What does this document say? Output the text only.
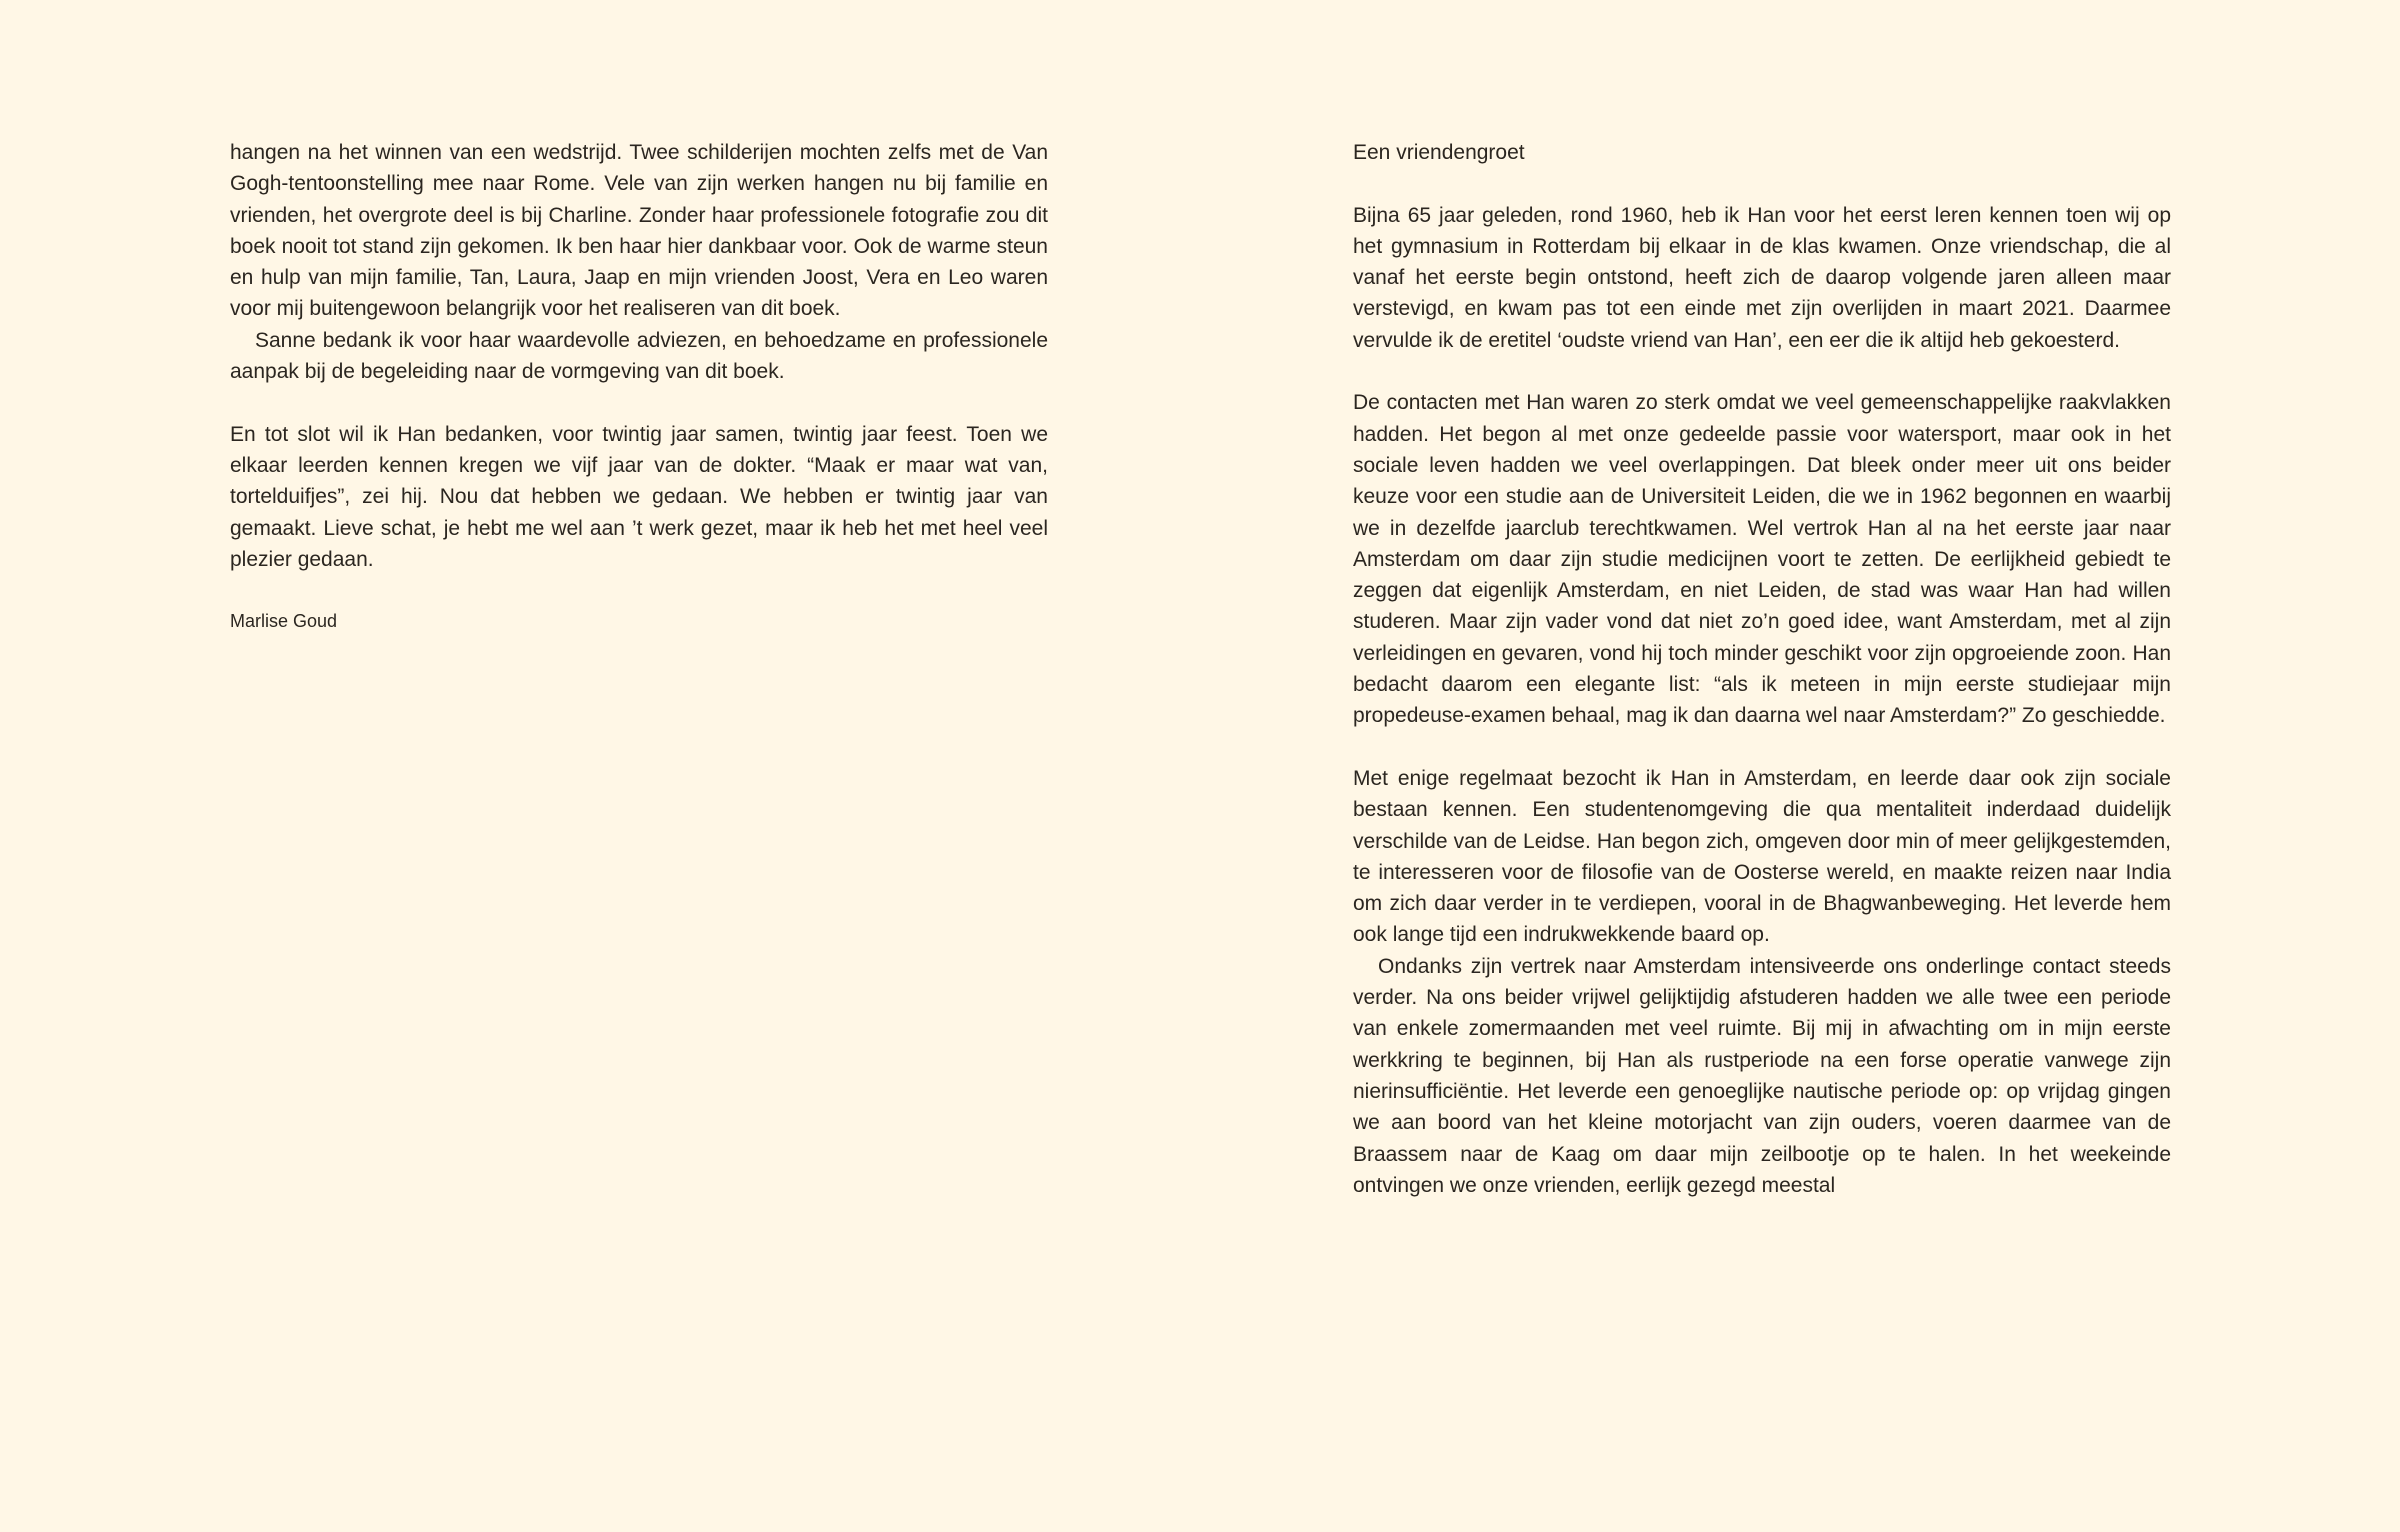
hangen na het winnen van een wedstrijd. Twee schilderijen mochten zelfs met de Van Gogh-tentoonstelling mee naar Rome. Vele van zijn werken hangen nu bij familie en vrienden, het overgrote deel is bij Charline. Zonder haar professionele fotografie zou dit boek nooit tot stand zijn gekomen. Ik ben haar hier dankbaar voor. Ook de warme steun en hulp van mijn familie, Tan, Laura, Jaap en mijn vrienden Joost, Vera en Leo waren voor mij buitengewoon belangrijk voor het realiseren van dit boek.

Sanne bedank ik voor haar waardevolle adviezen, en behoedzame en professionele aanpak bij de begeleiding naar de vormgeving van dit boek.

En tot slot wil ik Han bedanken, voor twintig jaar samen, twintig jaar feest. Toen we elkaar leerden kennen kregen we vijf jaar van de dokter. “Maak er maar wat van, tortelduifjes”, zei hij. Nou dat hebben we gedaan. We hebben er twintig jaar van gemaakt. Lieve schat, je hebt me wel aan ’t werk gezet, maar ik heb het met heel veel plezier gedaan.

Marlise Goud

Een vriendengroet

Bijna 65 jaar geleden, rond 1960, heb ik Han voor het eerst leren kennen toen wij op het gymnasium in Rotterdam bij elkaar in de klas kwamen. Onze vriendschap, die al vanaf het eerste begin ontstond, heeft zich de daarop volgende jaren alleen maar verstevigd, en kwam pas tot een einde met zijn overlijden in maart 2021. Daarmee vervulde ik de eretitel ‘oudste vriend van Han’, een eer die ik altijd heb gekoesterd.

De contacten met Han waren zo sterk omdat we veel gemeenschappelijke raakvlakken hadden. Het begon al met onze gedeelde passie voor watersport, maar ook in het sociale leven hadden we veel overlappingen. Dat bleek onder meer uit ons beider keuze voor een studie aan de Universiteit Leiden, die we in 1962 begonnen en waarbij we in dezelfde jaarclub terechtkwamen. Wel vertrok Han al na het eerste jaar naar Amsterdam om daar zijn studie medicijnen voort te zetten. De eerlijkheid gebiedt te zeggen dat eigenlijk Amsterdam, en niet Leiden, de stad was waar Han had willen studeren. Maar zijn vader vond dat niet zo’n goed idee, want Amsterdam, met al zijn verleidingen en gevaren, vond hij toch minder geschikt voor zijn opgroeiende zoon. Han bedacht daarom een elegante list: “als ik meteen in mijn eerste studiejaar mijn propedeuse-examen behaal, mag ik dan daarna wel naar Amsterdam?” Zo geschiedde.

Met enige regelmaat bezocht ik Han in Amsterdam, en leerde daar ook zijn sociale bestaan kennen. Een studentenomgeving die qua mentaliteit inderdaad duidelijk verschilde van de Leidse. Han begon zich, omgeven door min of meer gelijkgestemden, te interesseren voor de filosofie van de Oosterse wereld, en maakte reizen naar India om zich daar verder in te verdiepen, vooral in de Bhagwanbeweging. Het leverde hem ook lange tijd een indrukwekkende baard op.

Ondanks zijn vertrek naar Amsterdam intensiveerde ons onderlinge contact steeds verder. Na ons beider vrijwel gelijktijdig afstuderen hadden we alle twee een periode van enkele zomermaanden met veel ruimte. Bij mij in afwachting om in mijn eerste werkkring te beginnen, bij Han als rustperiode na een forse operatie vanwege zijn nierinsufficiëntie. Het leverde een genoeglijke nautische periode op: op vrijdag gingen we aan boord van het kleine motorjacht van zijn ouders, voeren daarmee van de Braassem naar de Kaag om daar mijn zeilbootje op te halen. In het weekeinde ontvingen we onze vrienden, eerlijk gezegd meestal
